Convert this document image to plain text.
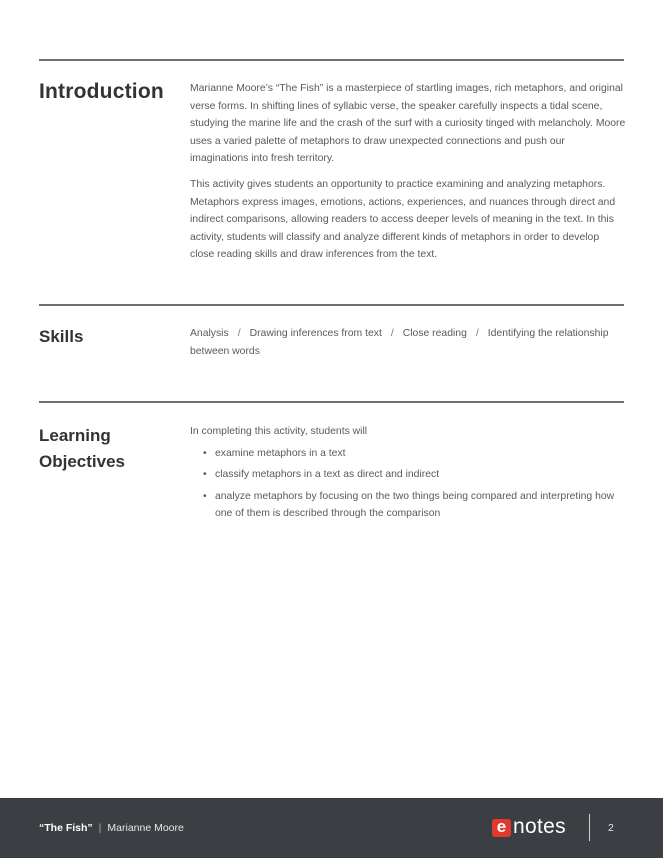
Introduction	Marianne Moore’s “The Fish” is a masterpiece of startling images, rich metaphors, and original verse forms. In shifting lines of syllabic verse, the speaker carefully inspects a tidal scene, studying the marine life and the crash of the surf with a curiosity tinged with melancholy. Moore uses a varied palette of metaphors to draw unexpected connections and push our imaginations into fresh territory.

This activity gives students an opportunity to practice examining and analyzing metaphors. Metaphors express images, emotions, actions, experiences, and nuances through direct and indirect comparisons, allowing readers to access deeper levels of meaning in the text. In this activity, students will classify and analyze different kinds of metaphors in order to develop close reading skills and draw inferences from the text.

Skills	Analysis / Drawing inferences from text / Close reading / Identifying the relationship between words
Learning Objectives
In completing this activity, students will
• examine metaphors in a text
• classify metaphors in a text as direct and indirect
• analyze metaphors by focusing on the two things being compared and interpreting how one of them is described through the comparison
“The Fish” | Marianne Moore	e notes	2
